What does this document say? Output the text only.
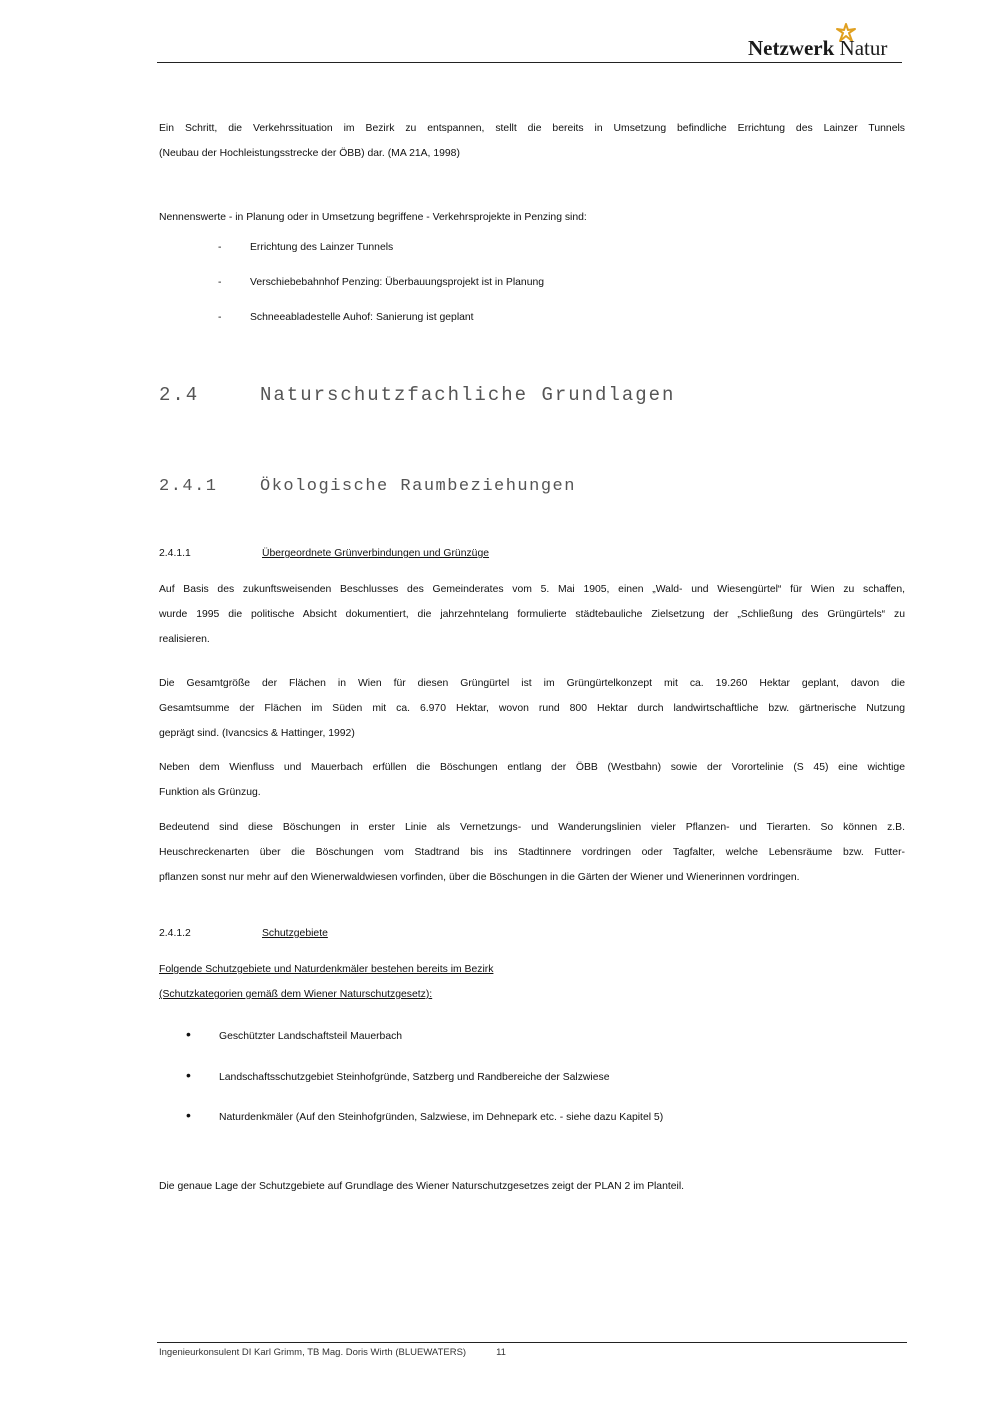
Netzwerk Natur
Ein Schritt, die Verkehrssituation im Bezirk zu entspannen, stellt die bereits in Umsetzung befindliche Errichtung des Lainzer Tunnels
(Neubau der Hochleistungsstrecke der ÖBB) dar. (MA 21A, 1998)
Nennenswerte - in Planung oder in Umsetzung begriffene - Verkehrsprojekte in Penzing sind:
-	Errichtung des Lainzer Tunnels
-	Verschiebebahnhof Penzing: Überbauungsprojekt ist in Planung
-	Schneeabladestelle Auhof: Sanierung ist geplant
2.4	Naturschutzfachliche Grundlagen
2.4.1 Ökologische Raumbeziehungen
2.4.1.1	Übergeordnete Grünverbindungen und Grünzüge
Auf Basis des zukunftsweisenden Beschlusses des Gemeinderates vom 5. Mai 1905, einen „Wald- und Wiesengürtel“ für Wien zu schaffen,
wurde 1995 die politische Absicht dokumentiert, die jahrzehntelang formulierte städtebauliche Zielsetzung der „Schließung des Grüngürtels“ zu
realisieren.
Die Gesamtgröße der Flächen in Wien für diesen Grüngürtel ist im Grüngürtelkonzept mit ca. 19.260 Hektar geplant, davon die
Gesamtsumme der Flächen im Süden mit ca. 6.970 Hektar, wovon rund 800 Hektar durch landwirtschaftliche bzw. gärtnerische Nutzung
geprägt sind. (Ivancsics & Hattinger, 1992)
Neben dem Wienfluss und Mauerbach erfüllen die Böschungen entlang der ÖBB (Westbahn) sowie der Vorortelinie (S 45) eine wichtige
Funktion als Grünzug.
Bedeutend sind diese Böschungen in erster Linie als Vernetzungs- und Wanderungslinien vieler Pflanzen- und Tierarten. So können z.B.
Heuschreckenarten über die Böschungen vom Stadtrand bis ins Stadtinnere vordringen oder Tagfalter, welche Lebensräume bzw. Futter-
pflanzen sonst nur mehr auf den Wienerwaldwiesen vorfinden, über die Böschungen in die Gärten der Wiener und Wienerinnen vordringen.
2.4.1.2	Schutzgebiete
Folgende Schutzgebiete und Naturdenkmäler bestehen bereits im Bezirk
(Schutzkategorien gemäß dem Wiener Naturschutzgesetz):
•	Geschützter Landschaftsteil Mauerbach
•	Landschaftsschutzgebiet Steinhofgründe, Satzberg und Randbereiche der Salzwiese
•	Naturdenkmäler (Auf den Steinhofgründen, Salzwiese, im Dehnepark etc. - siehe dazu Kapitel 5)
Die genaue Lage der Schutzgebiete auf Grundlage des Wiener Naturschutzgesetzes zeigt der PLAN 2 im Planteil.
Ingenieurkonsulent DI Karl Grimm, TB Mag. Doris Wirth (BLUEWATERS)	11
